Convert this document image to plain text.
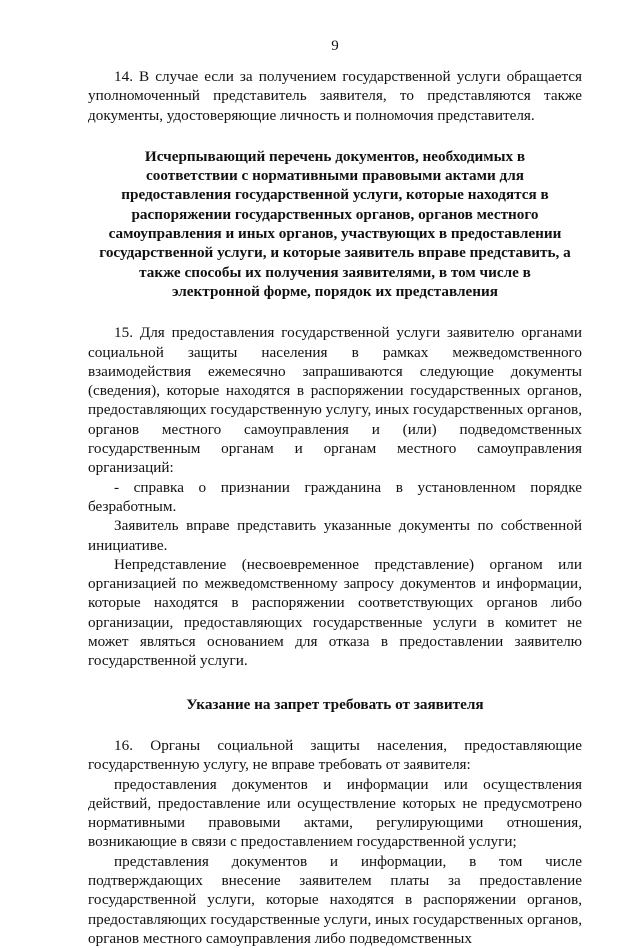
9

14. В случае если за получением государственной услуги обращается уполномоченный представитель заявителя, то представляются также документы, удостоверяющие личность и полномочия представителя.

Исчерпывающий перечень документов, необходимых в соответствии с нормативными правовыми актами для предоставления государственной услуги, которые находятся в распоряжении государственных органов, органов местного самоуправления и иных органов, участвующих в предоставлении государственной услуги, и которые заявитель вправе представить, а также способы их получения заявителями, в том числе в электронной форме, порядок их представления

15. Для предоставления государственной услуги заявителю органами социальной защиты населения в рамках межведомственного взаимодействия ежемесячно запрашиваются следующие документы (сведения), которые находятся в распоряжении государственных органов, предоставляющих государственную услугу, иных государственных органов, органов местного самоуправления и (или) подведомственных государственным органам и органам местного самоуправления организаций:

- справка о признании гражданина в установленном порядке безработным.

Заявитель вправе представить указанные документы по собственной инициативе.

Непредставление (несвоевременное представление) органом или организацией по межведомственному запросу документов и информации, которые находятся в распоряжении соответствующих органов либо организации, предоставляющих государственные услуги в комитет не может являться основанием для отказа в предоставлении заявителю государственной услуги.

Указание на запрет требовать от заявителя

16. Органы социальной защиты населения, предоставляющие государственную услугу, не вправе требовать от заявителя:

предоставления документов и информации или осуществления действий, предоставление или осуществление которых не предусмотрено нормативными правовыми актами, регулирующими отношения, возникающие в связи с предоставлением государственной услуги;

представления документов и информации, в том числе подтверждающих внесение заявителем платы за предоставление государственной услуги, которые находятся в распоряжении органов, предоставляющих государственные услуги, иных государственных органов, органов местного самоуправления либо подведомственных
